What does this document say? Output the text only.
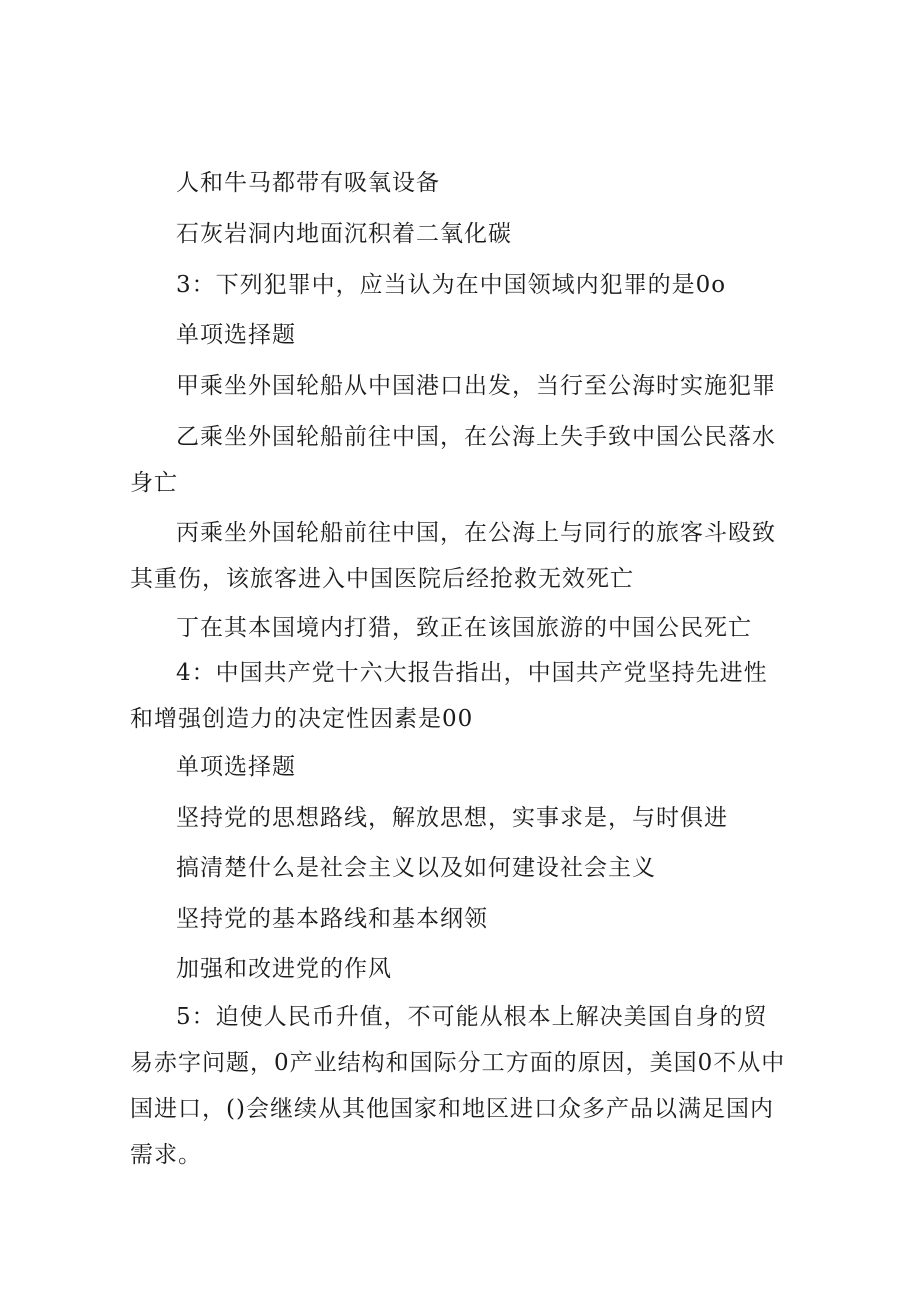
人和牛马都带有吸氧设备

石灰岩洞内地面沉积着二氧化碳

3：下列犯罪中，应当认为在中国领域内犯罪的是0o

单项选择题

甲乘坐外国轮船从中国港口出发，当行至公海时实施犯罪

乙乘坐外国轮船前往中国，在公海上失手致中国公民落水身亡

丙乘坐外国轮船前往中国，在公海上与同行的旅客斗殴致其重伤，该旅客进入中国医院后经抢救无效死亡

丁在其本国境内打猎，致正在该国旅游的中国公民死亡

4：中国共产党十六大报告指出，中国共产党坚持先进性和增强创造力的决定性因素是00

单项选择题

坚持党的思想路线，解放思想，实事求是，与时俱进

搞清楚什么是社会主义以及如何建设社会主义

坚持党的基本路线和基本纲领

加强和改进党的作风

5：迫使人民币升值，不可能从根本上解决美国自身的贸易赤字问题，0产业结构和国际分工方面的原因，美国0不从中国进口，()会继续从其他国家和地区进口众多产品以满足国内需求。
